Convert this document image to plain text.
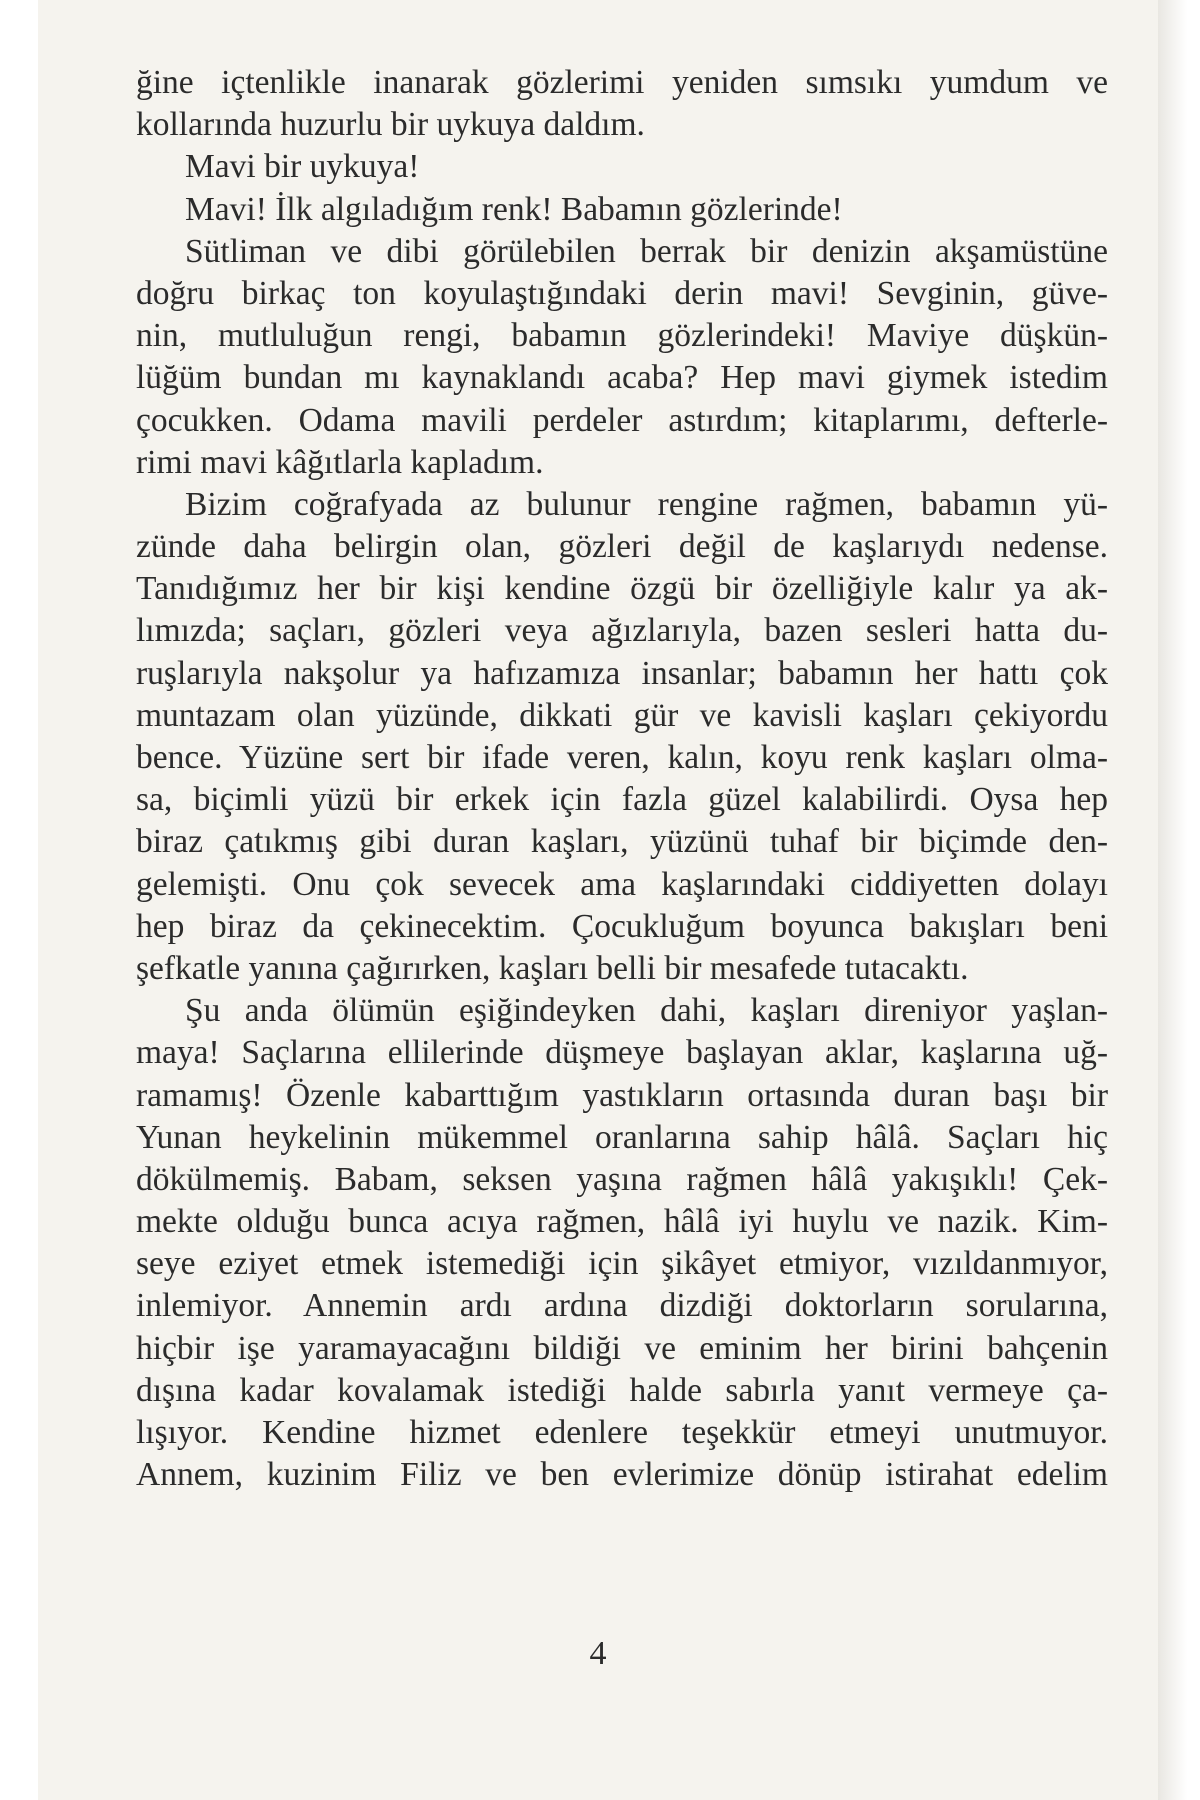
ğine içtenlikle inanarak gözlerimi yeniden sımsıkı yumdum ve
kollarında huzurlu bir uykuya daldım.
Mavi bir uykuya!
Mavi! İlk algıladığım renk! Babamın gözlerinde!
Sütliman ve dibi görülebilen berrak bir denizin akşamüstüne
doğru birkaç ton koyulaştığındaki derin mavi! Sevginin, güve-
nin, mutluluğun rengi, babamın gözlerindeki! Maviye düşkün-
lüğüm bundan mı kaynaklandı acaba? Hep mavi giymek istedim
çocukken. Odama mavili perdeler astırdım; kitaplarımı, defterle-
rimi mavi kâğıtlarla kapladım.
Bizim coğrafyada az bulunur rengine rağmen, babamın yü-
zünde daha belirgin olan, gözleri değil de kaşlarıydı nedense.
Tanıdığımız her bir kişi kendine özgü bir özelliğiyle kalır ya ak-
lımızda; saçları, gözleri veya ağızlarıyla, bazen sesleri hatta du-
ruşlarıyla nakşolur ya hafızamıza insanlar; babamın her hattı çok
muntazam olan yüzünde, dikkati gür ve kavisli kaşları çekiyordu
bence. Yüzüne sert bir ifade veren, kalın, koyu renk kaşları olma-
sa, biçimli yüzü bir erkek için fazla güzel kalabilirdi. Oysa hep
biraz çatıkmış gibi duran kaşları, yüzünü tuhaf bir biçimde den-
gelemişti. Onu çok sevecek ama kaşlarındaki ciddiyetten dolayı
hep biraz da çekinecektim. Çocukluğum boyunca bakışları beni
şefkatle yanına çağırırken, kaşları belli bir mesafede tutacaktı.
Şu anda ölümün eşiğindeyken dahi, kaşları direniyor yaşlan-
maya! Saçlarına ellilerinde düşmeye başlayan aklar, kaşlarına uğ-
ramamış! Özenle kabarttığım yastıkların ortasında duran başı bir
Yunan heykelinin mükemmel oranlarına sahip hâlâ. Saçları hiç
dökülmemiş. Babam, seksen yaşına rağmen hâlâ yakışıklı! Çek-
mekte olduğu bunca acıya rağmen, hâlâ iyi huylu ve nazik. Kim-
seye eziyet etmek istemediği için şikâyet etmiyor, vızıldanmıyor,
inlemiyor. Annemin ardı ardına dizdiği doktorların sorularına,
hiçbir işe yaramayacağını bildiği ve eminim her birini bahçenin
dışına kadar kovalamak istediği halde sabırla yanıt vermeye ça-
lışıyor. Kendine hizmet edenlere teşekkür etmeyi unutmuyor.
Annem, kuzinim Filiz ve ben evlerimize dönüp istirahat edelim
4
